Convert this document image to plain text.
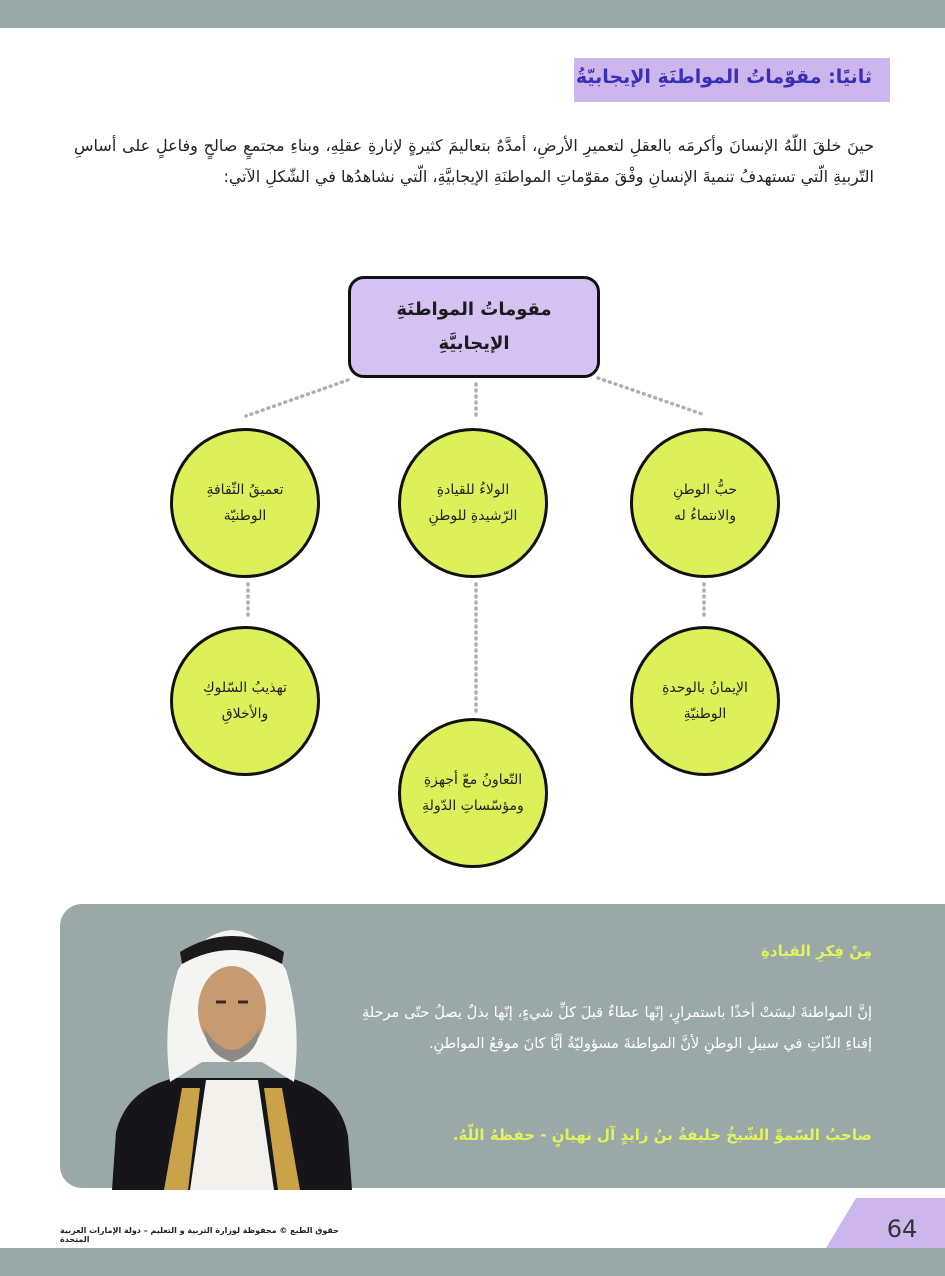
ثانيًا: مقوّماتُ المواطنَةِ الإيجابيّةُ

حينَ خلقَ اللّهُ الإنسانَ وأكرمَه بالعقلِ لتعميرِ الأرضِ، أمدَّهُ بتعاليمَ كثيرةٍ لإنارةِ عقلِهِ، وبناءِ مجتمعٍ صالحٍ وفاعلٍ على أساسِ التّربيةِ الّتي تستهدفُ تنميةَ الإنسانِ وفْقَ مقوّماتِ المواطنَةِ الإيجابيَّةِ، الّتي نشاهدُها في الشّكلِ الآتي:

مقوماتُ المواطنَةِ الإيجابيَّةِ
حبُّ الوطنِ والانتماءُ له
الولاءُ للقيادةِ الرّشيدةِ للوطنِ
تعميقُ الثّقافةِ الوطنيّة
الإيمانُ بالوحدةِ الوطنيّةِ
تهذيبُ السّلوكِ والأخلاقِ
التّعاونُ معّ أجهزةِ ومؤسّساتِ الدّولةِ
مِنْ فِكرِ القيادةِ

إنَّ المواطنةَ ليسَتْ أخذًا باستمرارٍ، إنّها عطاءٌ قبلَ كلِّ شيءٍ، إنّها بذلٌ يصلُ حتّى مرحلةِ إفناءِ الذّاتِ في سبيلِ الوطنِ لأنَّ المواطنةَ مسؤوليّةُ أيًّا كانَ موقعُ المواطنِ.

صاحبُ السّموِّ الشّيخُ خليفةُ بنُ زايدٍ آل نهيانٍ - حفظهُ اللّهُ.
حقوق الطبع © محفوظة لوزارة التربية و التعليم – دولة الإمارات العربية المتحدة	64
